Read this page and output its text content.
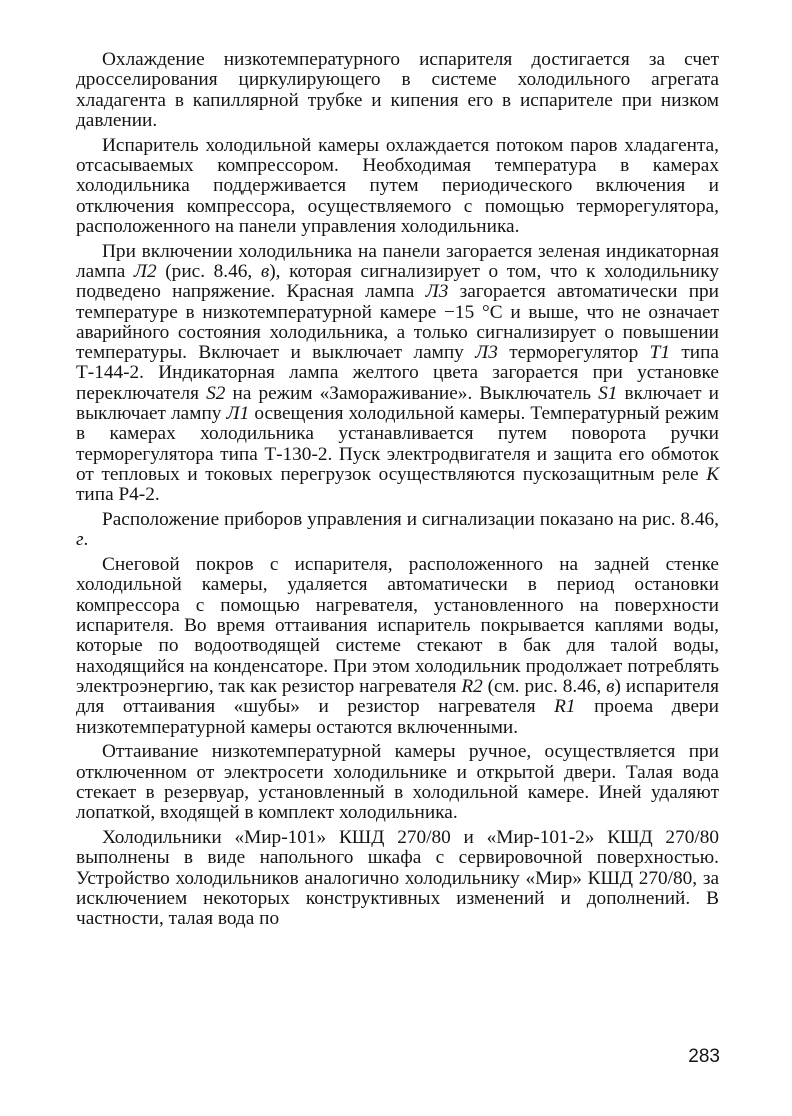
Охлаждение низкотемпературного испарителя достигается за счет дросселирования циркулирующего в системе холодильного агрегата хладагента в капиллярной трубке и кипения его в испарителе при низком давлении.

Испаритель холодильной камеры охлаждается потоком паров хладагента, отсасываемых компрессором. Необходимая температура в камерах холодильника поддерживается путем периодического включения и отключения компрессора, осуществляемого с помощью терморегулятора, расположенного на панели управления холодильника.

При включении холодильника на панели загорается зеленая индикаторная лампа Л2 (рис. 8.46, в), которая сигнализирует о том, что к холодильнику подведено напряжение. Красная лампа Л3 загорается автоматически при температуре в низкотемпературной камере −15 °С и выше, что не означает аварийного состояния холодильника, а только сигнализирует о повышении температуры. Включает и выключает лампу Л3 терморегулятор Т1 типа Т-144-2. Индикаторная лампа желтого цвета загорается при установке переключателя S2 на режим «Замораживание». Выключатель S1 включает и выключает лампу Л1 освещения холодильной камеры. Температурный режим в камерах холодильника устанавливается путем поворота ручки терморегулятора типа Т-130-2. Пуск электродвигателя и защита его обмоток от тепловых и токовых перегрузок осуществляются пускозащитным реле К типа Р4-2.

Расположение приборов управления и сигнализации показано на рис. 8.46, г.

Снеговой покров с испарителя, расположенного на задней стенке холодильной камеры, удаляется автоматически в период остановки компрессора с помощью нагревателя, установленного на поверхности испарителя. Во время оттаивания испаритель покрывается каплями воды, которые по водоотводящей системе стекают в бак для талой воды, находящийся на конденсаторе. При этом холодильник продолжает потреблять электроэнергию, так как резистор нагревателя R2 (см. рис. 8.46, в) испарителя для оттаивания «шубы» и резистор нагревателя R1 проема двери низкотемпературной камеры остаются включенными.

Оттаивание низкотемпературной камеры ручное, осуществляется при отключенном от электросети холодильнике и открытой двери. Талая вода стекает в резервуар, установленный в холодильной камере. Иней удаляют лопаткой, входящей в комплект холодильника.

Холодильники «Мир-101» КШД 270/80 и «Мир-101-2» КШД 270/80 выполнены в виде напольного шкафа с сервировочной поверхностью. Устройство холодильников аналогично холодильнику «Мир» КШД 270/80, за исключением некоторых конструктивных изменений и дополнений. В частности, талая вода по

283
